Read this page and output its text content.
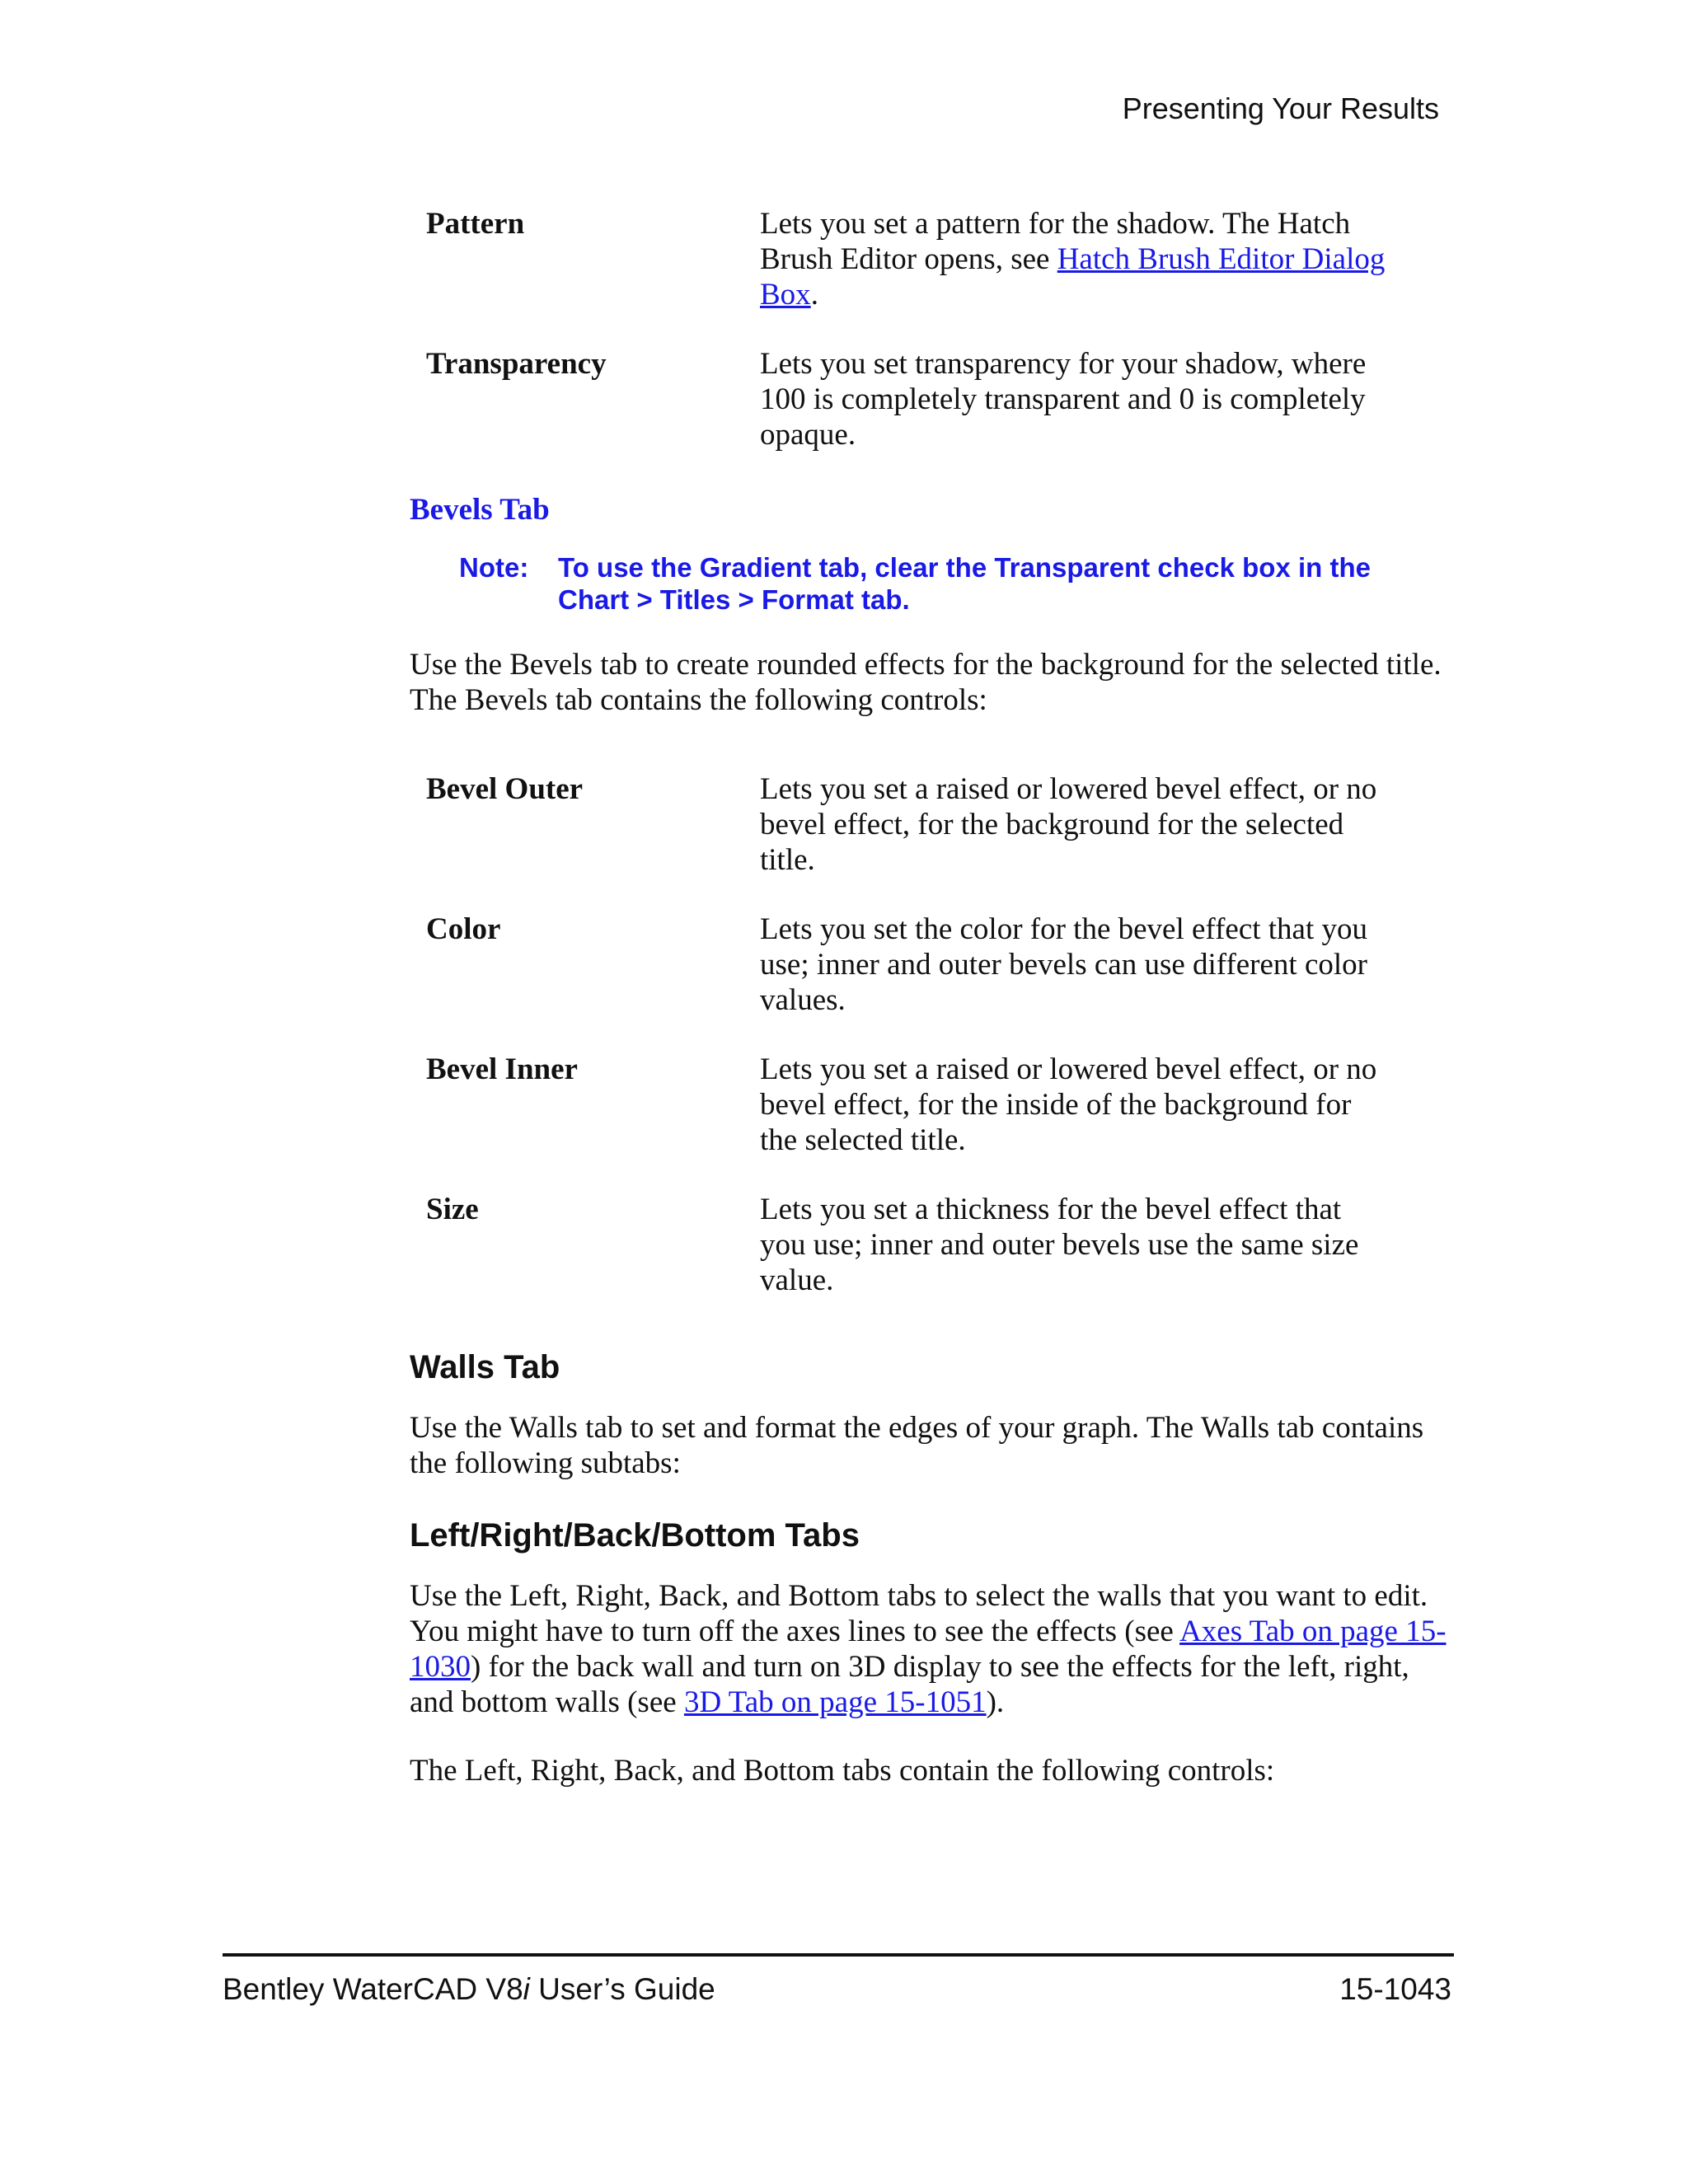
Presenting Your Results
Pattern	Lets you set a pattern for the shadow. The Hatch Brush Editor opens, see Hatch Brush Editor Dialog Box.

Transparency	Lets you set transparency for your shadow, where 100 is completely transparent and 0 is completely opaque.
Bevels Tab
Note:	To use the Gradient tab, clear the Transparent check box in the Chart > Titles > Format tab.
Use the Bevels tab to create rounded effects for the background for the selected title. The Bevels tab contains the following controls:
Bevel Outer	Lets you set a raised or lowered bevel effect, or no bevel effect, for the background for the selected title.

Color	Lets you set the color for the bevel effect that you use; inner and outer bevels can use different color values.

Bevel Inner	Lets you set a raised or lowered bevel effect, or no bevel effect, for the inside of the background for the selected title.

Size	Lets you set a thickness for the bevel effect that you use; inner and outer bevels use the same size value.
Walls Tab
Use the Walls tab to set and format the edges of your graph. The Walls tab contains the following subtabs:
Left/Right/Back/Bottom Tabs
Use the Left, Right, Back, and Bottom tabs to select the walls that you want to edit. You might have to turn off the axes lines to see the effects (see Axes Tab on page 15-1030) for the back wall and turn on 3D display to see the effects for the left, right, and bottom walls (see 3D Tab on page 15-1051).
The Left, Right, Back, and Bottom tabs contain the following controls:
Bentley WaterCAD V8i User’s Guide	15-1043
